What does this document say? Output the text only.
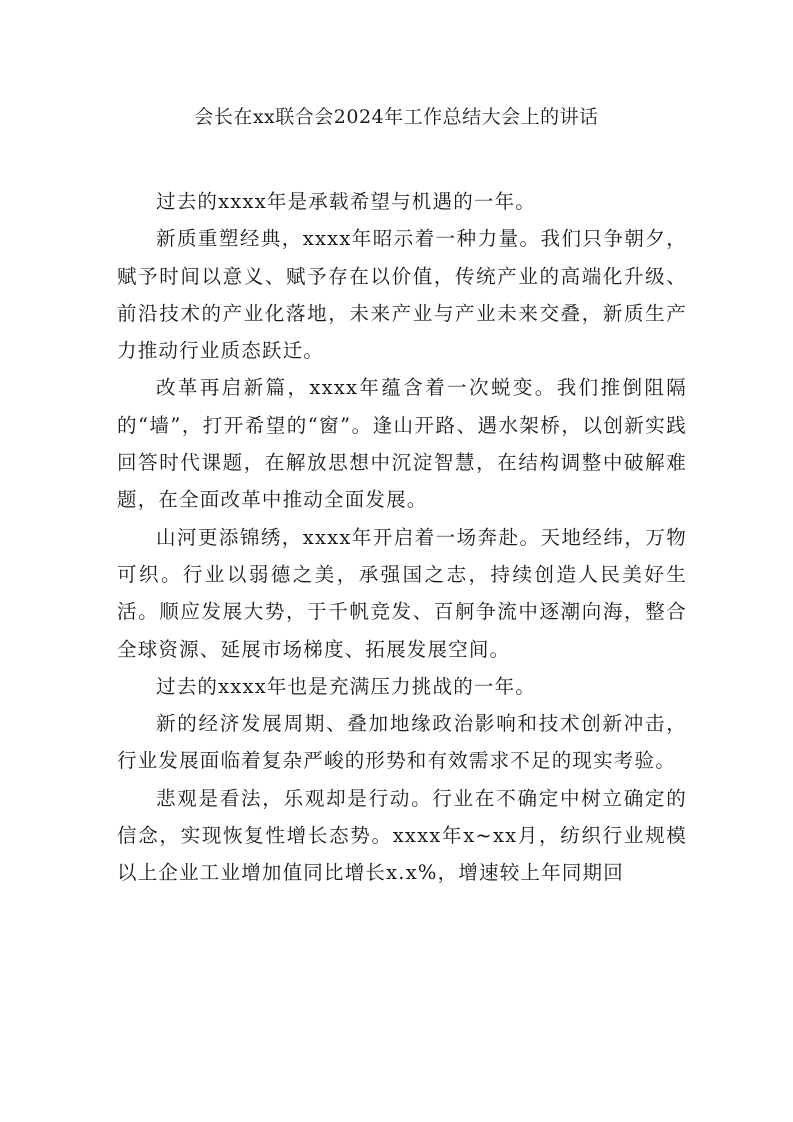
会长在xx联合会2024年工作总结大会上的讲话

过去的xxxx年是承载希望与机遇的一年。

新质重塑经典，xxxx年昭示着一种力量。我们只争朝夕，赋予时间以意义、赋予存在以价值，传统产业的高端化升级、前沿技术的产业化落地，未来产业与产业未来交叠，新质生产力推动行业质态跃迁。

改革再启新篇，xxxx年蕴含着一次蜕变。我们推倒阻隔的“墙”，打开希望的“窗”。逢山开路、遇水架桥，以创新实践回答时代课题，在解放思想中沉淀智慧，在结构调整中破解难题，在全面改革中推动全面发展。

山河更添锦绣，xxxx年开启着一场奔赴。天地经纬，万物可织。行业以弱德之美，承强国之志，持续创造人民美好生活。顺应发展大势，于千帆竞发、百舸争流中逐潮向海，整合全球资源、延展市场梯度、拓展发展空间。

过去的xxxx年也是充满压力挑战的一年。

新的经济发展周期、叠加地缘政治影响和技术创新冲击，行业发展面临着复杂严峻的形势和有效需求不足的现实考验。

悲观是看法，乐观却是行动。行业在不确定中树立确定的信念，实现恢复性增长态势。xxxx年x~xx月，纺织行业规模以上企业工业增加值同比增长x.x%，增速较上年同期回
